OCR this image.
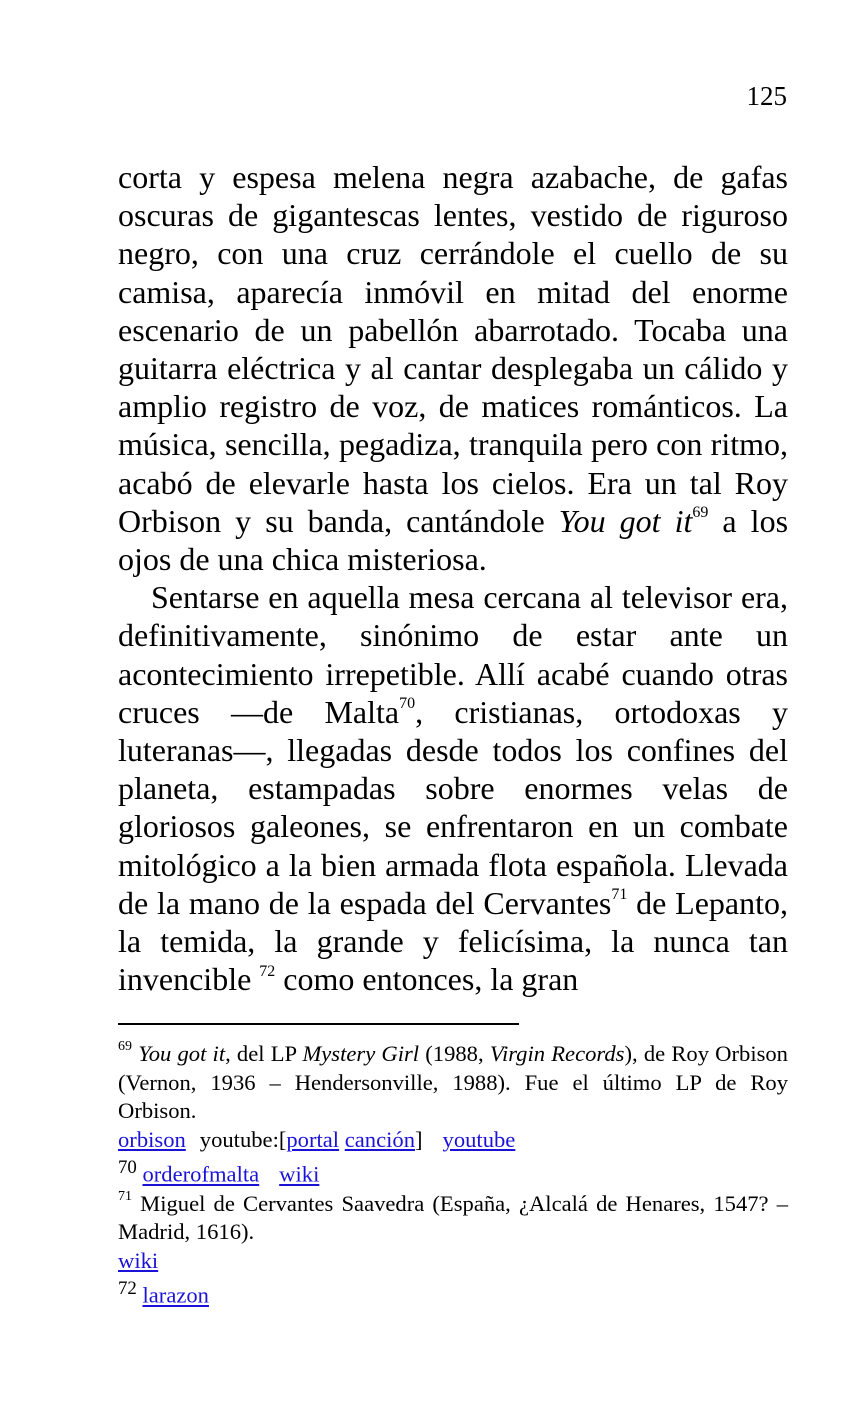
125

corta y espesa melena negra azabache, de gafas oscuras de gigantescas lentes, vestido de riguroso negro, con una cruz cerrándole el cuello de su camisa, aparecía inmóvil en mitad del enorme escenario de un pabellón abarrotado. Tocaba una guitarra eléctrica y al cantar desplegaba un cálido y amplio registro de voz, de matices románticos. La música, sencilla, pegadiza, tranquila pero con ritmo, acabó de elevarle hasta los cielos. Era un tal Roy Orbison y su banda, cantándole You got $it^{69}$ a los ojos de una chica misteriosa.

Sentarse en aquella mesa cercana al televisor era, definitivamente, sinónimo de estar ante un acontecimiento irrepetible. Allí acabé cuando otras cruces —de Malta$^{70}$, cristianas, ortodoxas y luteranas—, llegadas desde todos los confines del planeta, estampadas sobre enormes velas de gloriosos galeones, se enfrentaron en un combate mitológico a la bien armada flota española. Llevada de la mano de la espada del Cervantes$^{71}$ de Lepanto, la temida, la grande y felicísima, la nunca tan invencible $^{72}$ como entonces, la gran

$^{69}$ You got it, del LP Mystery Girl (1988, Virgin Records), de Roy Orbison (Vernon, 1936 – Hendersonville, 1988). Fue el último LP de Roy Orbison.

orbison youtube:[portal canción] youtube

$^{70}$ orderofmalta wiki

$^{71}$ Miguel de Cervantes Saavedra (España, ¿Alcalá de Henares, 1547? – Madrid, 1616).

wiki

$^{72}$ larazon
